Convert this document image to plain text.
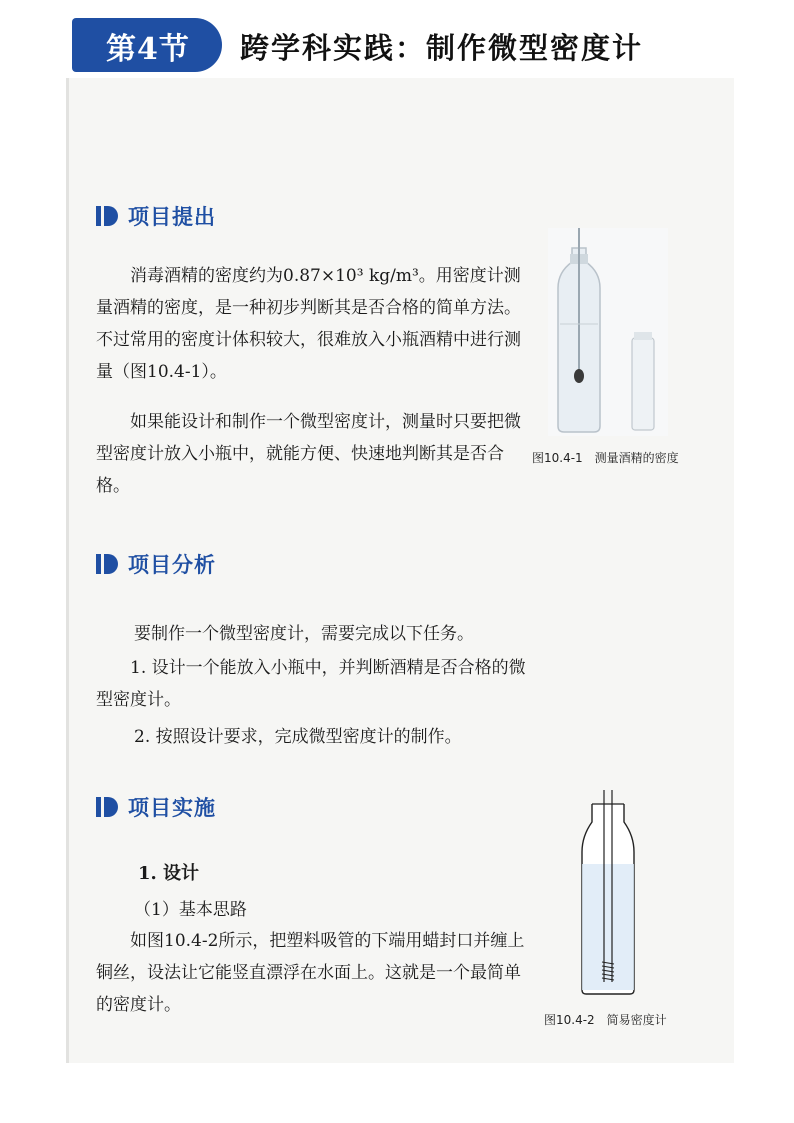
第4节 跨学科实践：制作微型密度计
项目提出

消毒酒精的密度约为0.87×10³ kg/m³。用密度计测量酒精的密度，是一种初步判断其是否合格的简单方法。不过常用的密度计体积较大，很难放入小瓶酒精中进行测量（图10.4-1）。

如果能设计和制作一个微型密度计，测量时只要把微型密度计放入小瓶中，就能方便、快速地判断其是否合格。

图10.4-1　测量酒精的密度
项目分析
要制作一个微型密度计，需要完成以下任务。

1. 设计一个能放入小瓶中，并判断酒精是否合格的微型密度计。

2. 按照设计要求，完成微型密度计的制作。
项目实施
1. 设计
（1）基本思路

如图10.4-2所示，把塑料吸管的下端用蜡封口并缠上铜丝，设法让它能竖直漂浮在水面上。这就是一个最简单的密度计。

图10.4-2　简易密度计
